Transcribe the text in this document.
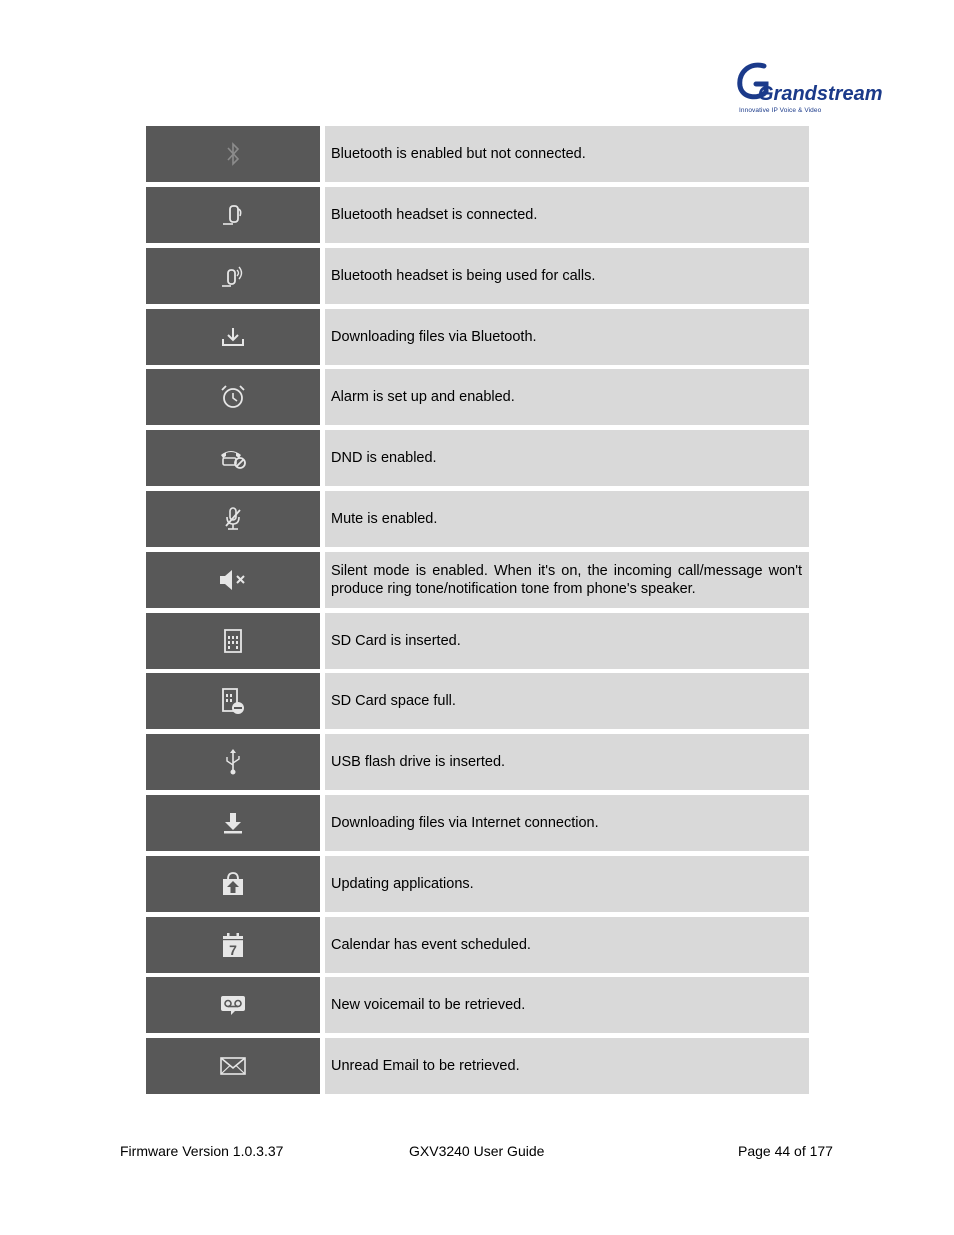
Grandstream
Innovative IP Voice & Video
Bluetooth is enabled but not connected.
Bluetooth headset is connected.
Bluetooth headset is being used for calls.
Downloading files via Bluetooth.
Alarm is set up and enabled.
DND is enabled.
Mute is enabled.
Silent mode is enabled. When it's on, the incoming call/message won't produce ring tone/notification tone from phone's speaker.
SD Card is inserted.
SD Card space full.
USB flash drive is inserted.
Downloading files via Internet connection.
Updating applications.
7	Calendar has event scheduled.
New voicemail to be retrieved.
Unread Email to be retrieved.
Firmware Version 1.0.3.37	GXV3240 User Guide	Page 44 of 177
